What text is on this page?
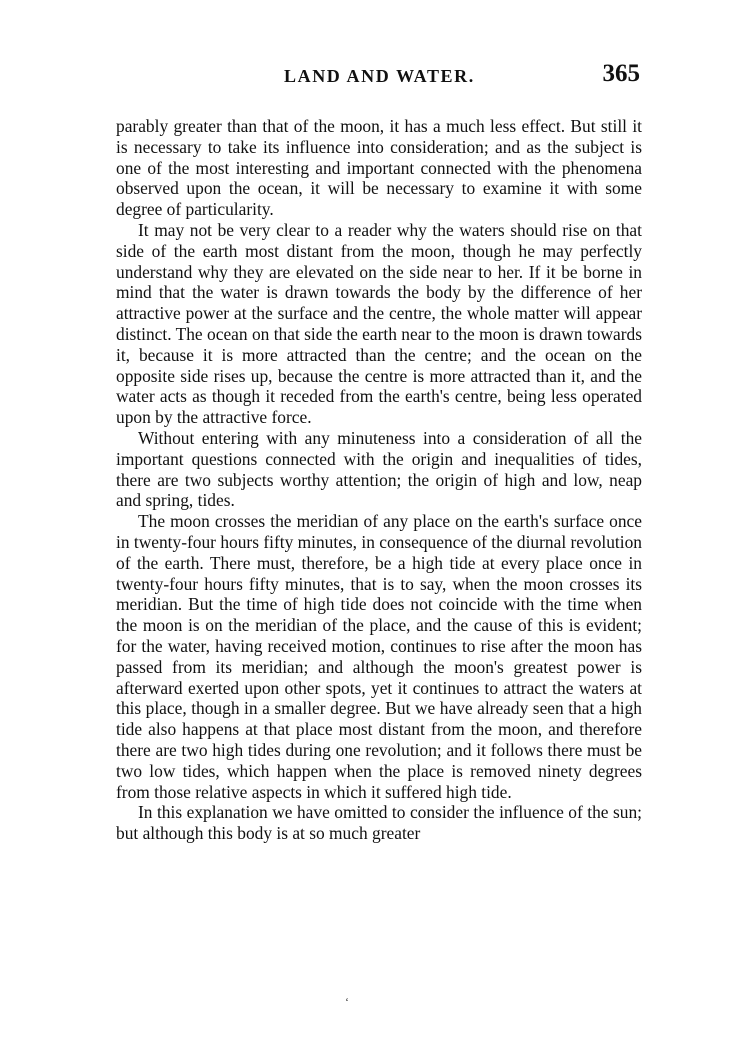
LAND AND WATER.	365

parably greater than that of the moon, it has a much less effect. But still it is necessary to take its influence into consideration; and as the subject is one of the most interesting and important connected with the phenomena observed upon the ocean, it will be necessary to examine it with some degree of particularity.

It may not be very clear to a reader why the waters should rise on that side of the earth most distant from the moon, though he may perfectly understand why they are elevated on the side near to her. If it be borne in mind that the water is drawn towards the body by the difference of her attractive power at the surface and the centre, the whole matter will appear distinct. The ocean on that side the earth near to the moon is drawn towards it, because it is more attracted than the centre; and the ocean on the opposite side rises up, because the centre is more attracted than it, and the water acts as though it receded from the earth's centre, being less operated upon by the attractive force.

Without entering with any minuteness into a consideration of all the important questions connected with the origin and inequalities of tides, there are two subjects worthy attention; the origin of high and low, neap and spring, tides.

The moon crosses the meridian of any place on the earth's surface once in twenty-four hours fifty minutes, in consequence of the diurnal revolution of the earth. There must, therefore, be a high tide at every place once in twenty-four hours fifty minutes, that is to say, when the moon crosses its meridian. But the time of high tide does not coincide with the time when the moon is on the meridian of the place, and the cause of this is evident; for the water, having received motion, continues to rise after the moon has passed from its meridian; and although the moon's greatest power is afterward exerted upon other spots, yet it continues to attract the waters at this place, though in a smaller degree. But we have already seen that a high tide also happens at that place most distant from the moon, and therefore there are two high tides during one revolution; and it follows there must be two low tides, which happen when the place is removed ninety degrees from those relative aspects in which it suffered high tide.

In this explanation we have omitted to consider the influence of the sun; but although this body is at so much greater

‘
